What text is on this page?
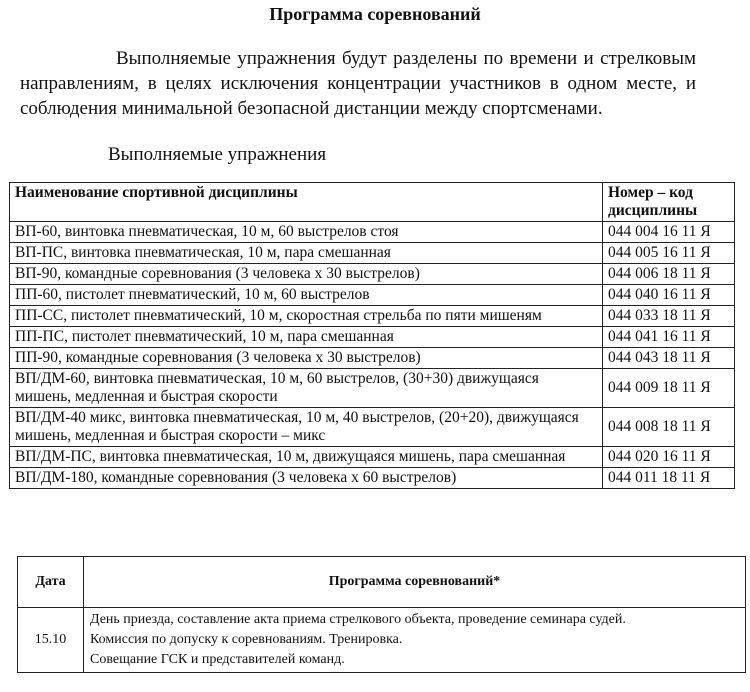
Программа соревнований

Выполняемые упражнения будут разделены по времени и стрелковым направлениям, в целях исключения концентрации участников в одном месте, и соблюдения минимальной безопасной дистанции между спортсменами.

Выполняемые упражнения
Наименование спортивной дисциплины	Номер – код дисциплины
ВП-60, винтовка пневматическая, 10 м, 60 выстрелов стоя	044 004 16 11 Я
ВП-ПС, винтовка пневматическая, 10 м, пара смешанная	044 005 16 11 Я
ВП-90, командные соревнования (3 человека х 30 выстрелов)	044 006 18 11 Я
ПП-60, пистолет пневматический, 10 м, 60 выстрелов	044 040 16 11 Я
ПП-СС, пистолет пневматический, 10 м, скоростная стрельба по пяти мишеням	044 033 18 11 Я
ПП-ПС, пистолет пневматический, 10 м, пара смешанная	044 041 16 11 Я
ПП-90, командные соревнования (3 человека х 30 выстрелов)	044 043 18 11 Я
ВП/ДМ-60, винтовка пневматическая, 10 м, 60 выстрелов, (30+30) движущаяся мишень, медленная и быстрая скорости	044 009 18 11 Я
ВП/ДМ-40 микс, винтовка пневматическая, 10 м, 40 выстрелов, (20+20), движущаяся мишень, медленная и быстрая скорости – микс	044 008 18 11 Я
ВП/ДМ-ПС, винтовка пневматическая, 10 м, движущаяся мишень, пара смешанная	044 020 16 11 Я
ВП/ДМ-180, командные соревнования (3 человека х 60 выстрелов)	044 011 18 11 Я
Дата	Программа соревнований*
15.10	День приезда, составление акта приема стрелкового объекта, проведение семинара судей.
Комиссия по допуску к соревнованиям. Тренировка.
Совещание ГСК и представителей команд.
